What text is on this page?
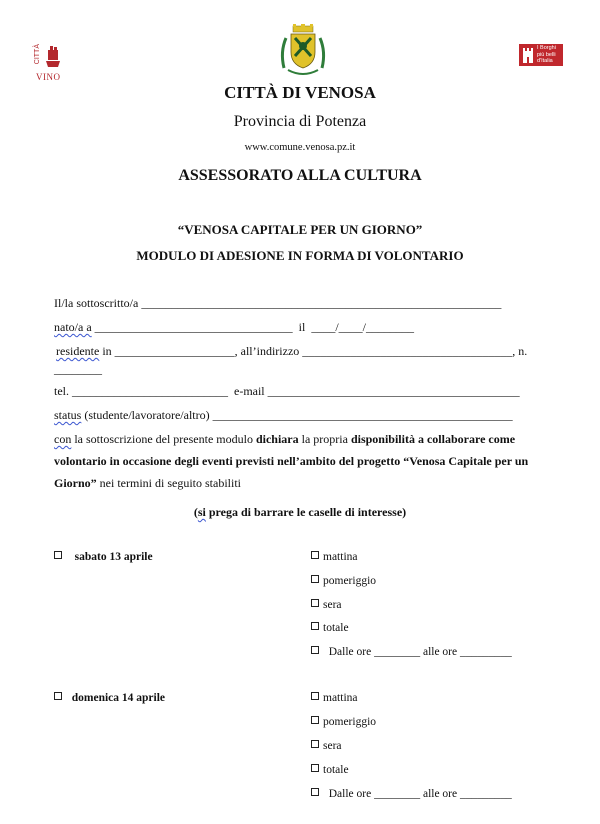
CITTÀ
VINO
I Borghi
più belli
d'Italia
CITTÀ DI VENOSA
Provincia di Potenza
www.comune.venosa.pz.it
ASSESSORATO ALLA CULTURA
“VENOSA CAPITALE PER UN GIORNO”
MODULO DI ADESIONE IN FORMA DI VOLONTARIO
Il/la sottoscritto/a ____________________________________________________________
nato/a a _________________________________  il  ____/____/________
residente in ____________________, all’indirizzo ___________________________________, n.
________
tel. __________________________  e-mail __________________________________________
status (studente/lavoratore/altro) __________________________________________________
con la sottoscrizione del presente modulo dichiara la propria disponibilità a collaborare come
volontario in occasione degli eventi previsti nell’ambito del progetto “Venosa Capitale per un
Giorno” nei termini di seguito stabiliti
(si prega di barrare le caselle di interesse)
sabato 13 aprile	mattina
pomeriggio
sera
totale
Dalle ore ________ alle ore _________
domenica 14 aprile	mattina
pomeriggio
sera
totale
Dalle ore ________ alle ore _________
